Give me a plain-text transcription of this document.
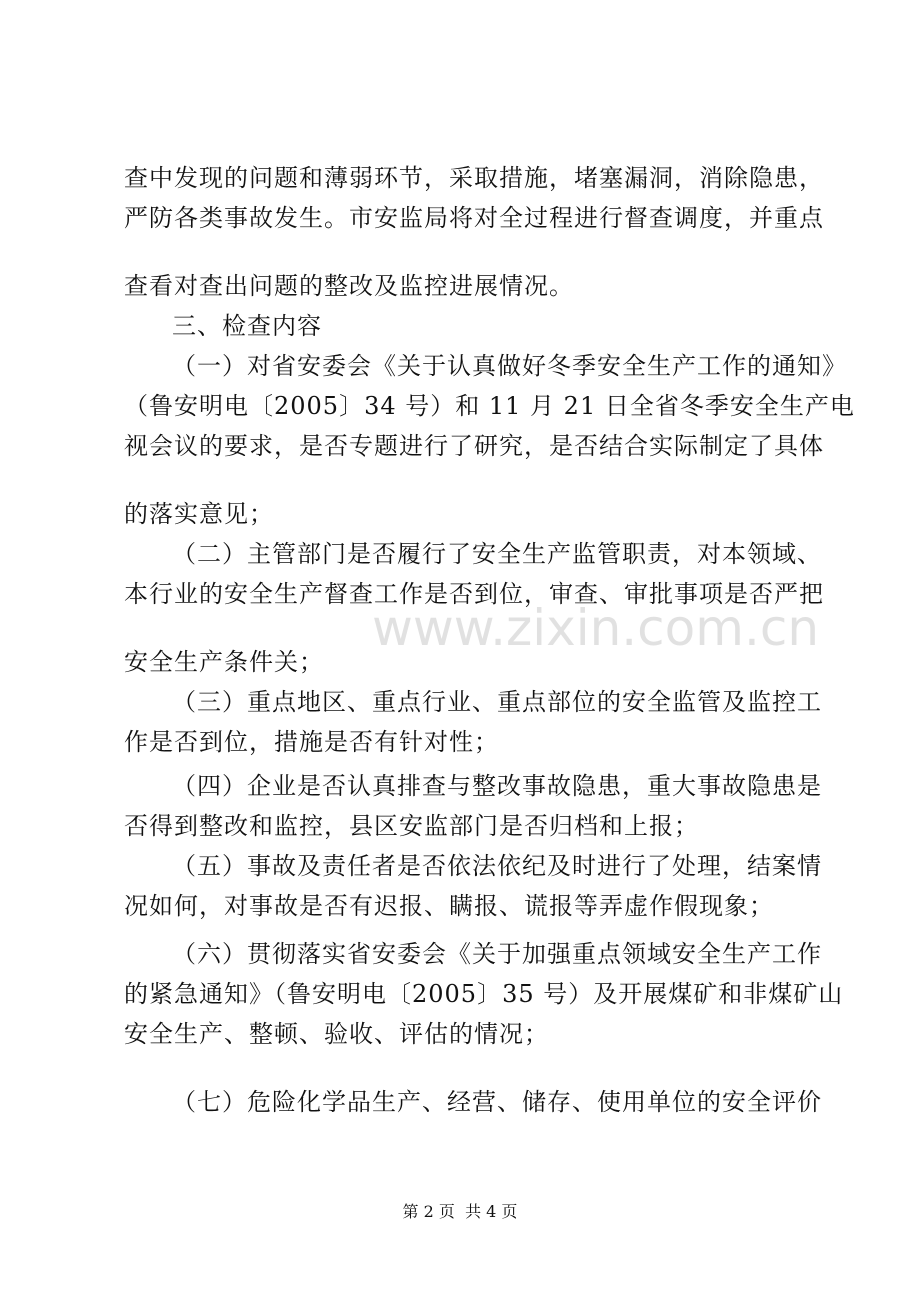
查中发现的问题和薄弱环节，采取措施，堵塞漏洞，消除隐患，
严防各类事故发生。市安监局将对全过程进行督查调度，并重点
查看对查出问题的整改及监控进展情况。
三、检查内容
（一）对省安委会《关于认真做好冬季安全生产工作的通知》
（鲁安明电〔2005〕34 号）和 11 月 21 日全省冬季安全生产电
视会议的要求，是否专题进行了研究，是否结合实际制定了具体
的落实意见；
（二）主管部门是否履行了安全生产监管职责，对本领域、
本行业的安全生产督查工作是否到位，审查、审批事项是否严把
安全生产条件关；
（三）重点地区、重点行业、重点部位的安全监管及监控工
作是否到位，措施是否有针对性；
（四）企业是否认真排查与整改事故隐患，重大事故隐患是
否得到整改和监控，县区安监部门是否归档和上报；
（五）事故及责任者是否依法依纪及时进行了处理，结案情
况如何，对事故是否有迟报、瞒报、谎报等弄虚作假现象；
（六）贯彻落实省安委会《关于加强重点领域安全生产工作
的紧急通知》（鲁安明电〔2005〕35 号）及开展煤矿和非煤矿山
安全生产、整顿、验收、评估的情况；
（七）危险化学品生产、经营、储存、使用单位的安全评价
www.zixin.com.cn
第 2 页  共 4 页
